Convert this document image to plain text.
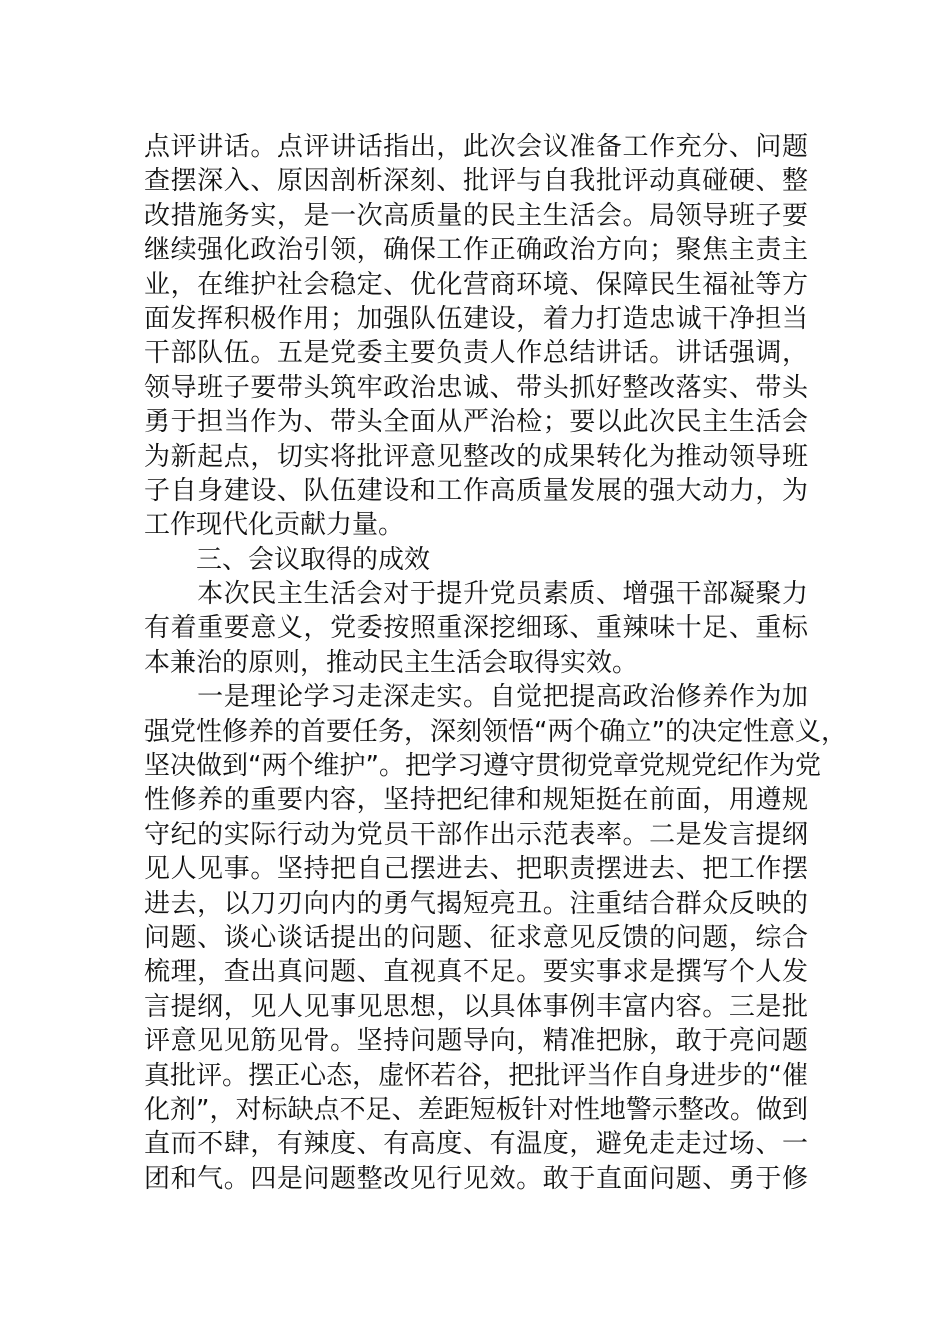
点评讲话。点评讲话指出，此次会议准备工作充分、问题
查摆深入、原因剖析深刻、批评与自我批评动真碰硬、整
改措施务实，是一次高质量的民主生活会。局领导班子要
继续强化政治引领，确保工作正确政治方向；聚焦主责主
业，在维护社会稳定、优化营商环境、保障民生福祉等方
面发挥积极作用；加强队伍建设，着力打造忠诚干净担当
干部队伍。五是党委主要负责人作总结讲话。讲话强调，
领导班子要带头筑牢政治忠诚、带头抓好整改落实、带头
勇于担当作为、带头全面从严治检；要以此次民主生活会
为新起点，切实将批评意见整改的成果转化为推动领导班
子自身建设、队伍建设和工作高质量发展的强大动力，为
工作现代化贡献力量。
　　三、会议取得的成效
　　本次民主生活会对于提升党员素质、增强干部凝聚力
有着重要意义，党委按照重深挖细琢、重辣味十足、重标
本兼治的原则，推动民主生活会取得实效。
　　一是理论学习走深走实。自觉把提高政治修养作为加
强党性修养的首要任务，深刻领悟“两个确立”的决定性意义，
坚决做到“两个维护”。把学习遵守贯彻党章党规党纪作为党
性修养的重要内容，坚持把纪律和规矩挺在前面，用遵规
守纪的实际行动为党员干部作出示范表率。二是发言提纲
见人见事。坚持把自己摆进去、把职责摆进去、把工作摆
进去，以刀刃向内的勇气揭短亮丑。注重结合群众反映的
问题、谈心谈话提出的问题、征求意见反馈的问题，综合
梳理，查出真问题、直视真不足。要实事求是撰写个人发
言提纲，见人见事见思想，以具体事例丰富内容。三是批
评意见见筋见骨。坚持问题导向，精准把脉，敢于亮问题
真批评。摆正心态，虚怀若谷，把批评当作自身进步的“催
化剂”，对标缺点不足、差距短板针对性地警示整改。做到
直而不肆，有辣度、有高度、有温度，避免走走过场、一
团和气。四是问题整改见行见效。敢于直面问题、勇于修
